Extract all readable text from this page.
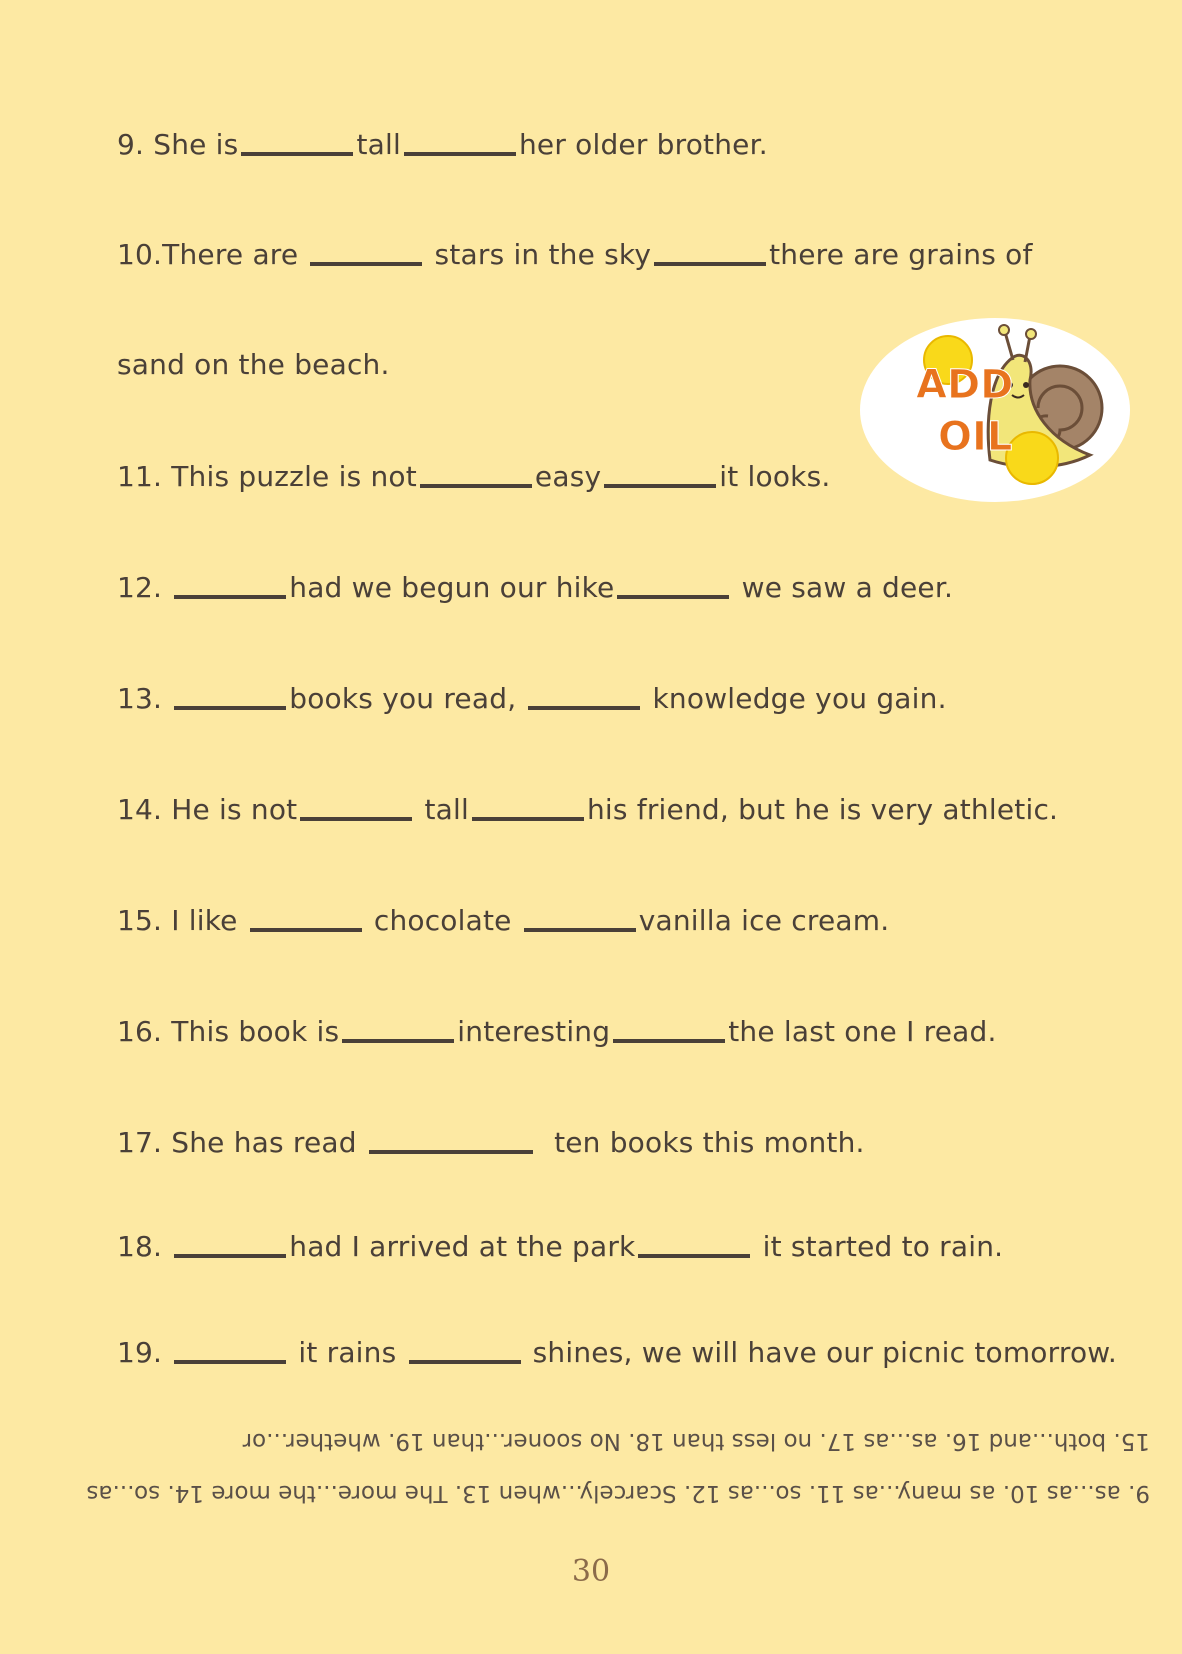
9. She is	tall	her older brother.
10.There are	stars in the sky	there are grains of
sand on the beach.
11. This puzzle is not	easy	it looks.
12.	had we begun our hike	we saw a deer.
13.	books you read,	knowledge you gain.
14. He is not	tall	his friend, but he is very athletic.
15. I like	chocolate	vanilla ice cream.
16. This book is	interesting	the last one I read.
17. She has read	ten books this month.
18.	had I arrived at the park	it started to rain.
19.	it rains	shines, we will have our picnic tomorrow.
15. both...and 16. as...as 17. no less than 18. No sooner...than 19. whether...or
9. as...as 10. as many...as 11. so...as 12. Scarcely...when 13. The more...the more 14. so...as
30
ADD
OIL
